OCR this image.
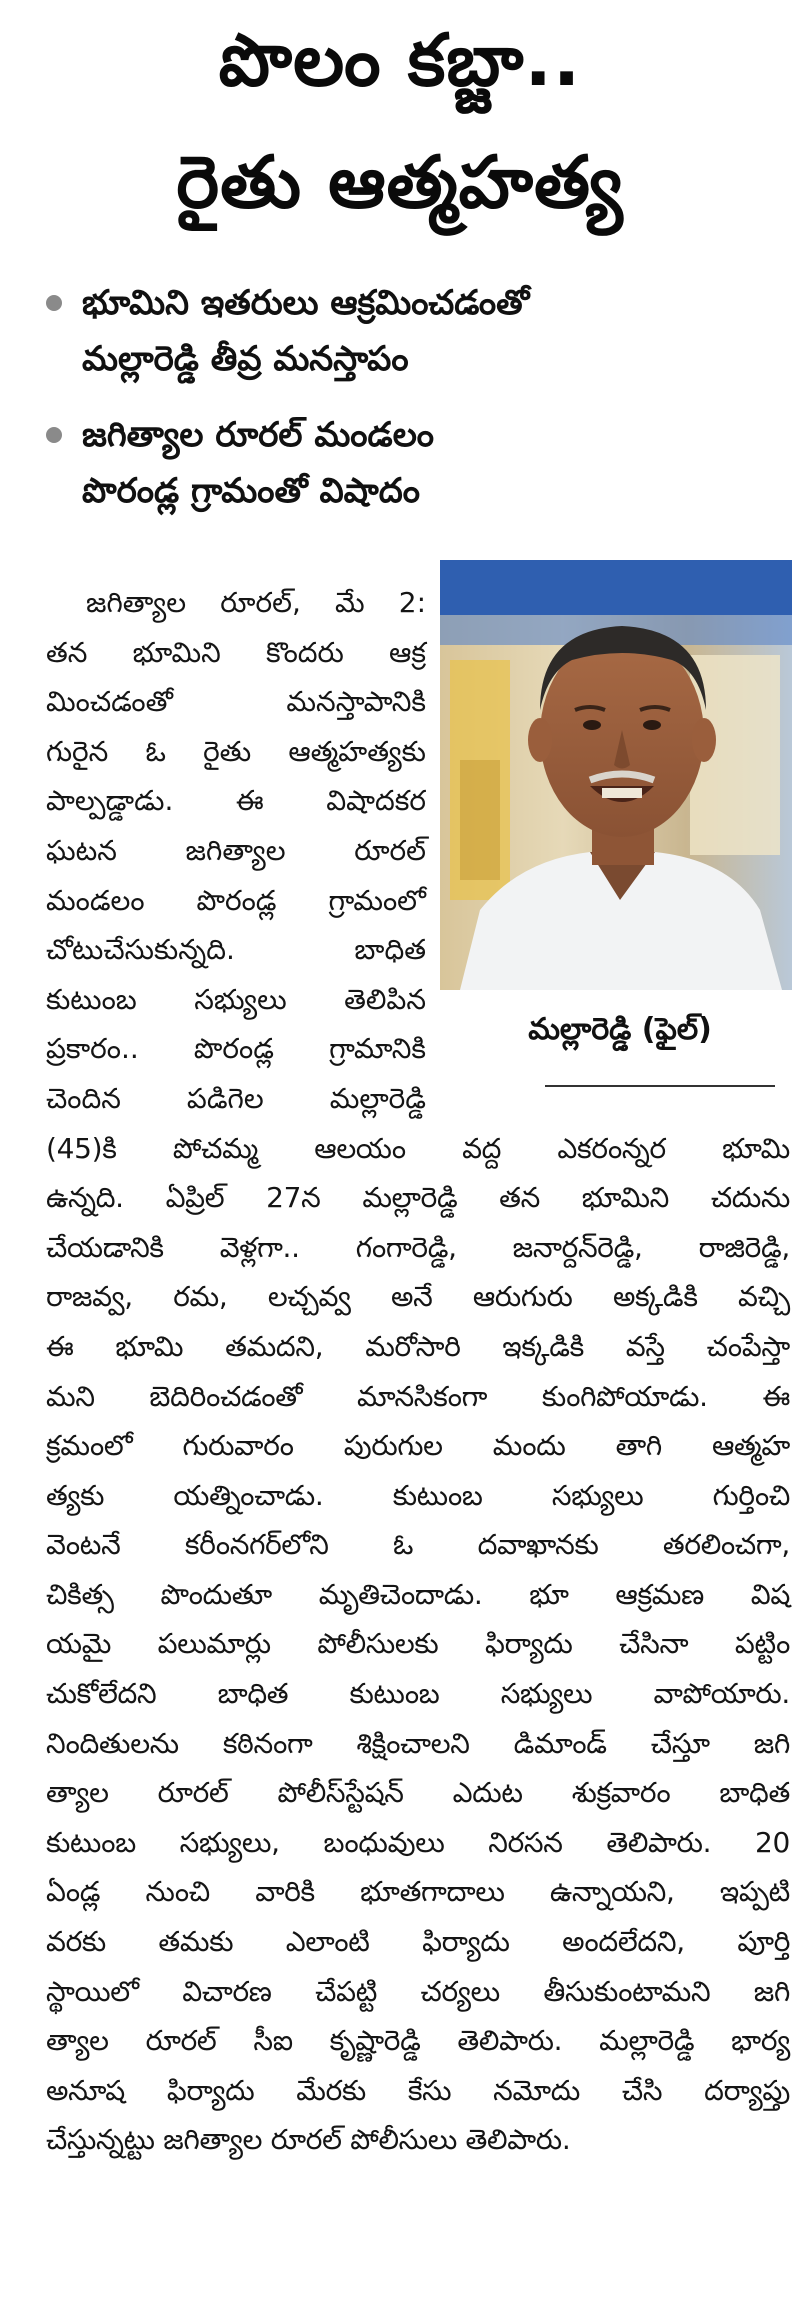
పొలం కబ్జా..
రైతు ఆత్మహత్య
భూమిని ఇతరులు ఆక్రమించడంతో
మల్లారెడ్డి తీవ్ర మనస్తాపం
జగిత్యాల రూరల్ మండలం
పొరండ్ల గ్రామంతో విషాదం
మల్లారెడ్డి (ఫైల్)
జగిత్యాల రూరల్, మే 2:
తన భూమిని కొందరు ఆక్ర
మించడంతో మనస్తాపానికి
గురైన ఓ రైతు ఆత్మహత్యకు
పాల్పడ్డాడు. ఈ విషాదకర
ఘటన జగిత్యాల రూరల్
మండలం పొరండ్ల గ్రామంలో
చోటుచేసుకున్నది. బాధిత
కుటుంబ సభ్యులు తెలిపిన
ప్రకారం.. పొరండ్ల గ్రామానికి
చెందిన పడిగెల మల్లారెడ్డి
(45)కి పోచమ్మ ఆలయం వద్ద ఎకరంన్నర భూమి
ఉన్నది. ఏప్రిల్ 27న మల్లారెడ్డి తన భూమిని చదును
చేయడానికి వెళ్లగా.. గంగారెడ్డి, జనార్దన్‌రెడ్డి, రాజిరెడ్డి,
రాజవ్వ, రమ, లచ్చవ్వ అనే ఆరుగురు అక్కడికి వచ్చి
ఈ భూమి తమదని, మరోసారి ఇక్కడికి వస్తే చంపేస్తా
మని బెదిరించడంతో మానసికంగా కుంగిపోయాడు. ఈ
క్రమంలో గురువారం పురుగుల మందు తాగి ఆత్మహ
త్యకు యత్నించాడు. కుటుంబ సభ్యులు గుర్తించి
వెంటనే కరీంనగర్‌లోని ఓ దవాఖానకు తరలించగా,
చికిత్స పొందుతూ మృతిచెందాడు. భూ ఆక్రమణ విష
యమై పలుమార్లు పోలీసులకు ఫిర్యాదు చేసినా పట్టిం
చుకోలేదని బాధిత కుటుంబ సభ్యులు వాపోయారు.
నిందితులను కఠినంగా శిక్షించాలని డిమాండ్ చేస్తూ జగి
త్యాల రూరల్ పోలీస్‌స్టేషన్ ఎదుట శుక్రవారం బాధిత
కుటుంబ సభ్యులు, బంధువులు నిరసన తెలిపారు. 20
ఏండ్ల నుంచి వారికి భూతగాదాలు ఉన్నాయని, ఇప్పటి
వరకు తమకు ఎలాంటి ఫిర్యాదు అందలేదని, పూర్తి
స్థాయిలో విచారణ చేపట్టి చర్యలు తీసుకుంటామని జగి
త్యాల రూరల్ సీఐ కృష్ణారెడ్డి తెలిపారు. మల్లారెడ్డి భార్య
అనూష ఫిర్యాదు మేరకు కేసు నమోదు చేసి దర్యాప్తు
చేస్తున్నట్టు జగిత్యాల రూరల్ పోలీసులు తెలిపారు.
